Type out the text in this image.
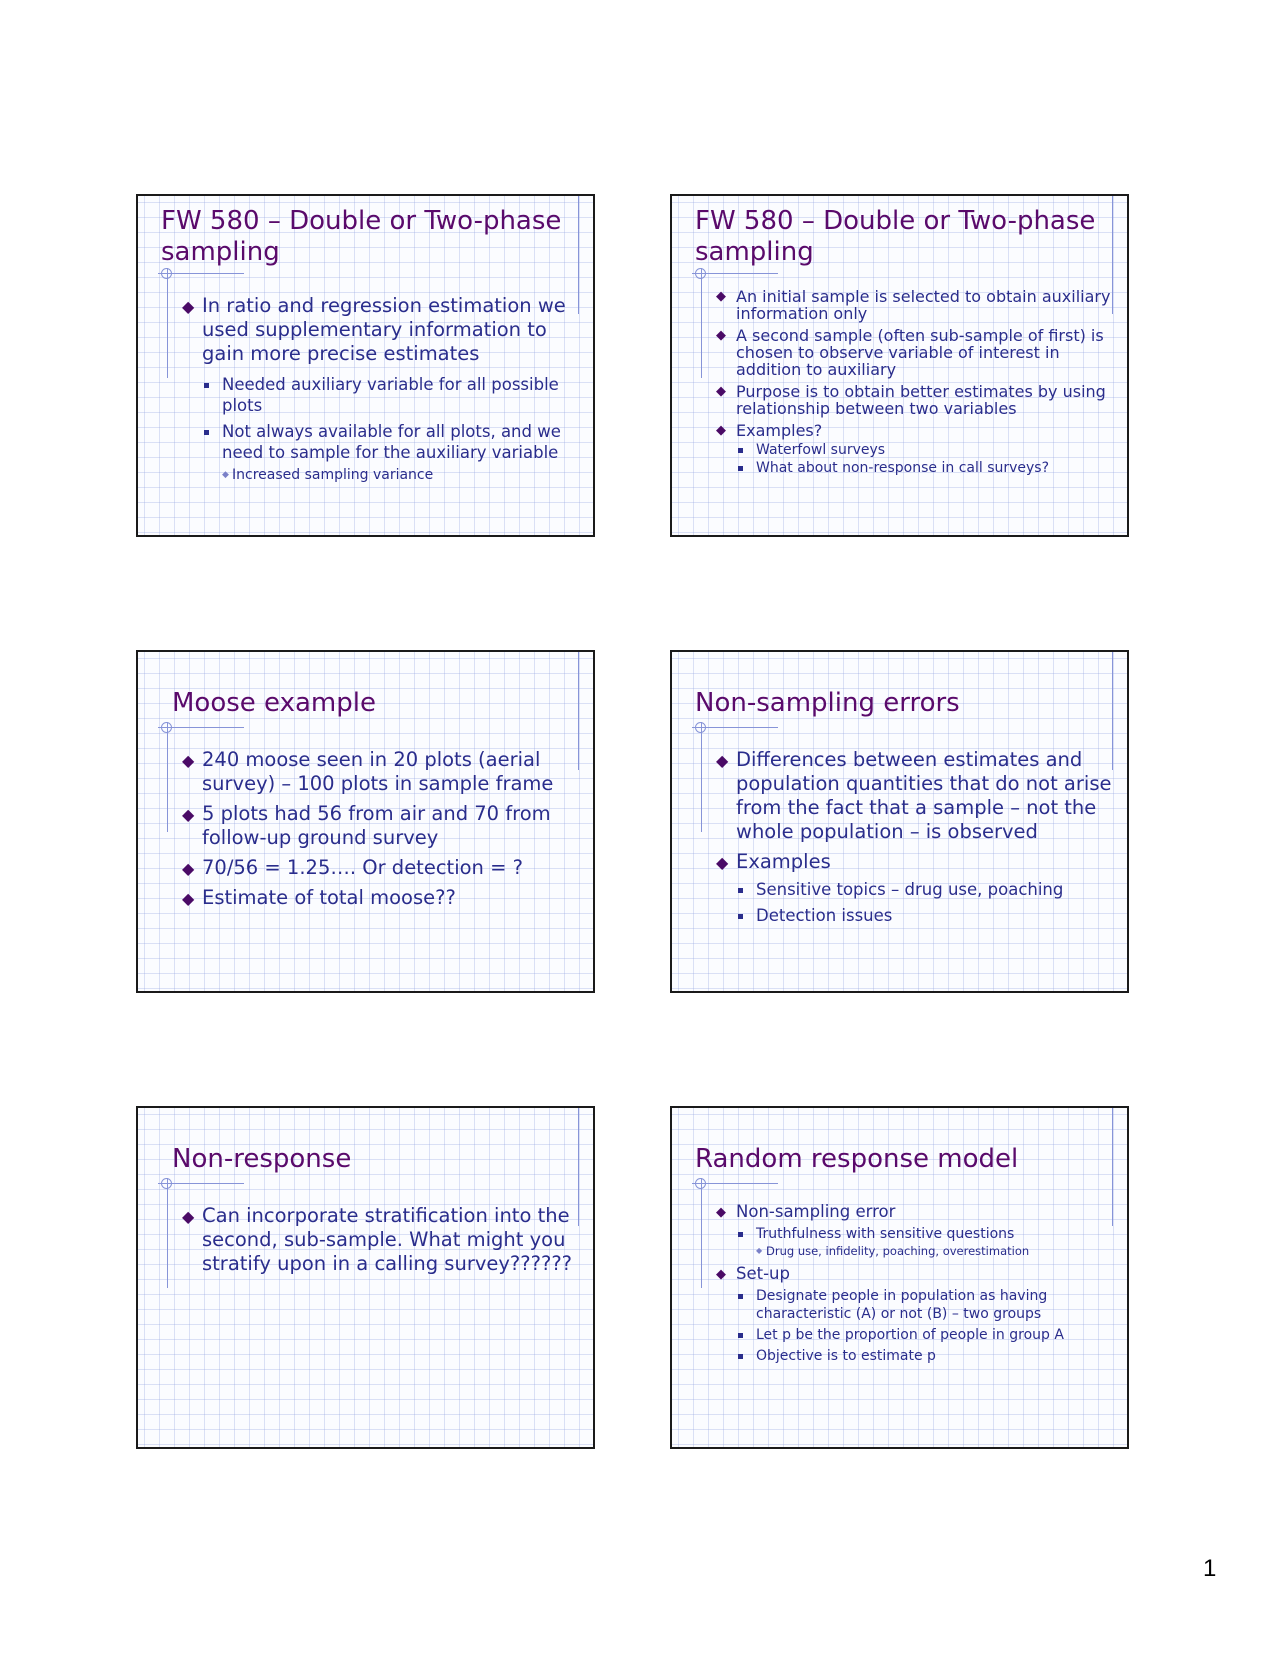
FW 580 – Double or Two-phase sampling
◆ In ratio and regression estimation we used supplementary information to gain more precise estimates
Needed auxiliary variable for all possible plots
Not always available for all plots, and we need to sample for the auxiliary variable
◆ Increased sampling variance
FW 580 – Double or Two-phase sampling
◆ An initial sample is selected to obtain auxiliary information only
◆ A second sample (often sub-sample of first) is chosen to observe variable of interest in addition to auxiliary
◆ Purpose is to obtain better estimates by using relationship between two variables
◆ Examples?
Waterfowl surveys
What about non-response in call surveys?
Moose example
◆ 240 moose seen in 20 plots (aerial survey) – 100 plots in sample frame
◆ 5 plots had 56 from air and 70 from follow-up ground survey
◆ 70/56 = 1.25…. Or detection = ?
◆ Estimate of total moose??
Non-sampling errors
◆ Differences between estimates and population quantities that do not arise from the fact that a sample – not the whole population – is observed
◆ Examples
Sensitive topics – drug use, poaching
Detection issues
Non-response
◆ Can incorporate stratification into the second, sub-sample. What might you stratify upon in a calling survey??????
Random response model
◆ Non-sampling error
Truthfulness with sensitive questions
◆ Drug use, infidelity, poaching, overestimation
◆ Set-up
Designate people in population as having characteristic (A) or not (B) – two groups
Let p be the proportion of people in group A
Objective is to estimate p
1
